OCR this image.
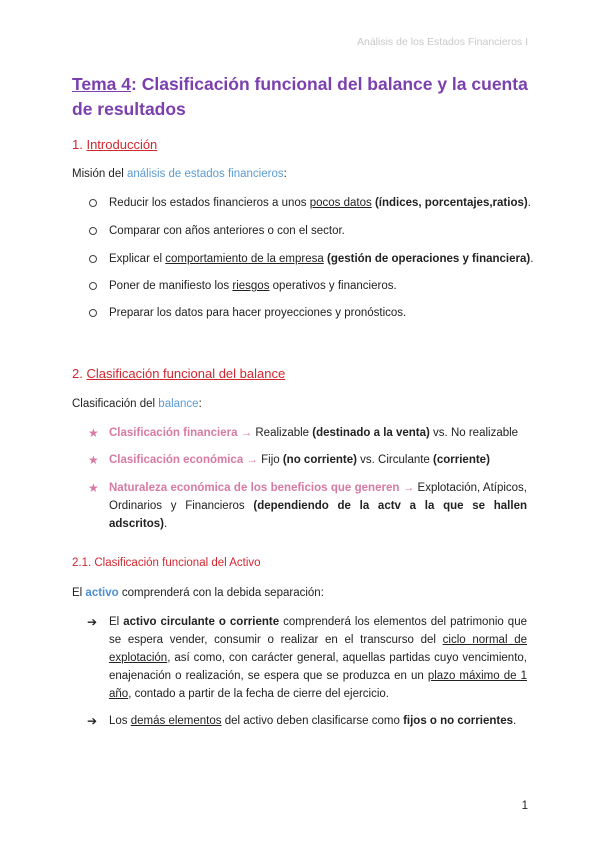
Análisis de los Estados Financieros I
Tema 4: Clasificación funcional del balance y la cuenta de resultados
1. Introducción
Misión del análisis de estados financieros:
Reducir los estados financieros a unos pocos datos (índices, porcentajes,ratios).
Comparar con años anteriores o con el sector.
Explicar el comportamiento de la empresa (gestión de operaciones y financiera).
Poner de manifiesto los riesgos operativos y financieros.
Preparar los datos para hacer proyecciones y pronósticos.
2. Clasificación funcional del balance
Clasificación del balance:
★ Clasificación financiera → Realizable (destinado a la venta) vs. No realizable
★ Clasificación económica → Fijo (no corriente) vs. Circulante (corriente)
★ Naturaleza económica de los beneficios que generen → Explotación, Atípicos, Ordinarios y Financieros (dependiendo de la actv a la que se hallen adscritos).
2.1. Clasificación funcional del Activo
El activo comprenderá con la debida separación:
➔ El activo circulante o corriente comprenderá los elementos del patrimonio que se espera vender, consumir o realizar en el transcurso del ciclo normal de explotación, así como, con carácter general, aquellas partidas cuyo vencimiento, enajenación o realización, se espera que se produzca en un plazo máximo de 1 año, contado a partir de la fecha de cierre del ejercicio.
➔ Los demás elementos del activo deben clasificarse como fijos o no corrientes.
1
